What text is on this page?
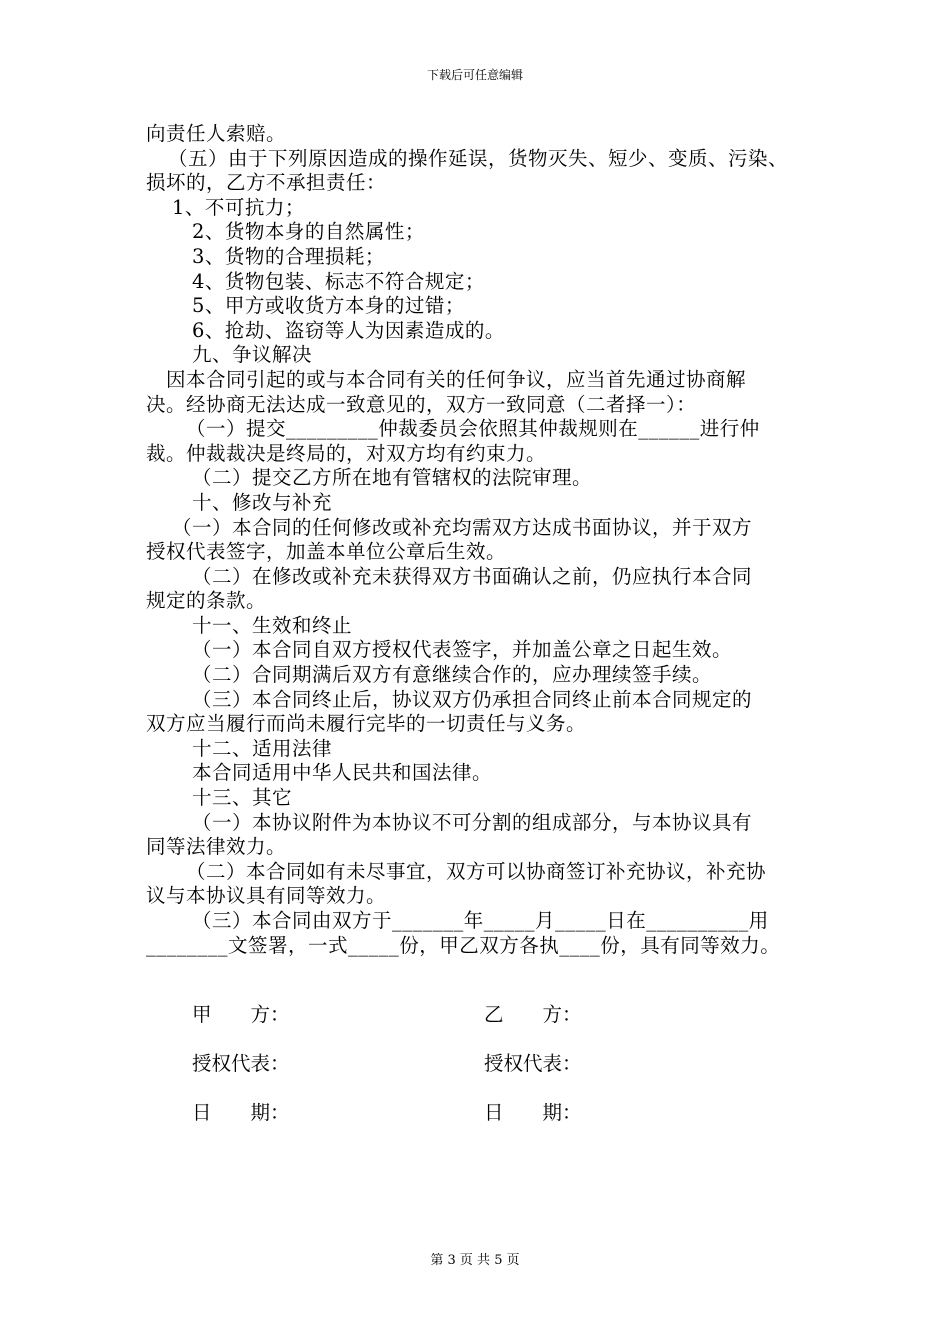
下载后可任意编辑
向责任人索赔。
（五）由于下列原因造成的操作延误，货物灭失、短少、变质、污染、
损坏的，乙方不承担责任：
1、不可抗力；
2、货物本身的自然属性；
3、货物的合理损耗；
4、货物包装、标志不符合规定；
5、甲方或收货方本身的过错；
6、抢劫、盗窃等人为因素造成的。
九、争议解决
因本合同引起的或与本合同有关的任何争议，应当首先通过协商解
决。经协商无法达成一致意见的，双方一致同意（二者择一）：
（一）提交_________仲裁委员会依照其仲裁规则在______进行仲
裁。仲裁裁决是终局的，对双方均有约束力。
（二）提交乙方所在地有管辖权的法院审理。
十、修改与补充
（一）本合同的任何修改或补充均需双方达成书面协议，并于双方
授权代表签字，加盖本单位公章后生效。
（二）在修改或补充未获得双方书面确认之前，仍应执行本合同
规定的条款。
十一、生效和终止
（一）本合同自双方授权代表签字，并加盖公章之日起生效。
（二）合同期满后双方有意继续合作的，应办理续签手续。
（三）本合同终止后，协议双方仍承担合同终止前本合同规定的
双方应当履行而尚未履行完毕的一切责任与义务。
十二、适用法律
本合同适用中华人民共和国法律。
十三、其它
（一）本协议附件为本协议不可分割的组成部分，与本协议具有
同等法律效力。
（二）本合同如有未尽事宜，双方可以协商签订补充协议，补充协
议与本协议具有同等效力。
（三）本合同由双方于_______年_____月_____日在__________用
________文签署，一式_____份，甲乙双方各执____份，具有同等效力。
甲　　方：	乙　　方：
授权代表：	授权代表：
日　　期：	日　　期：
第 3 页 共 5 页
